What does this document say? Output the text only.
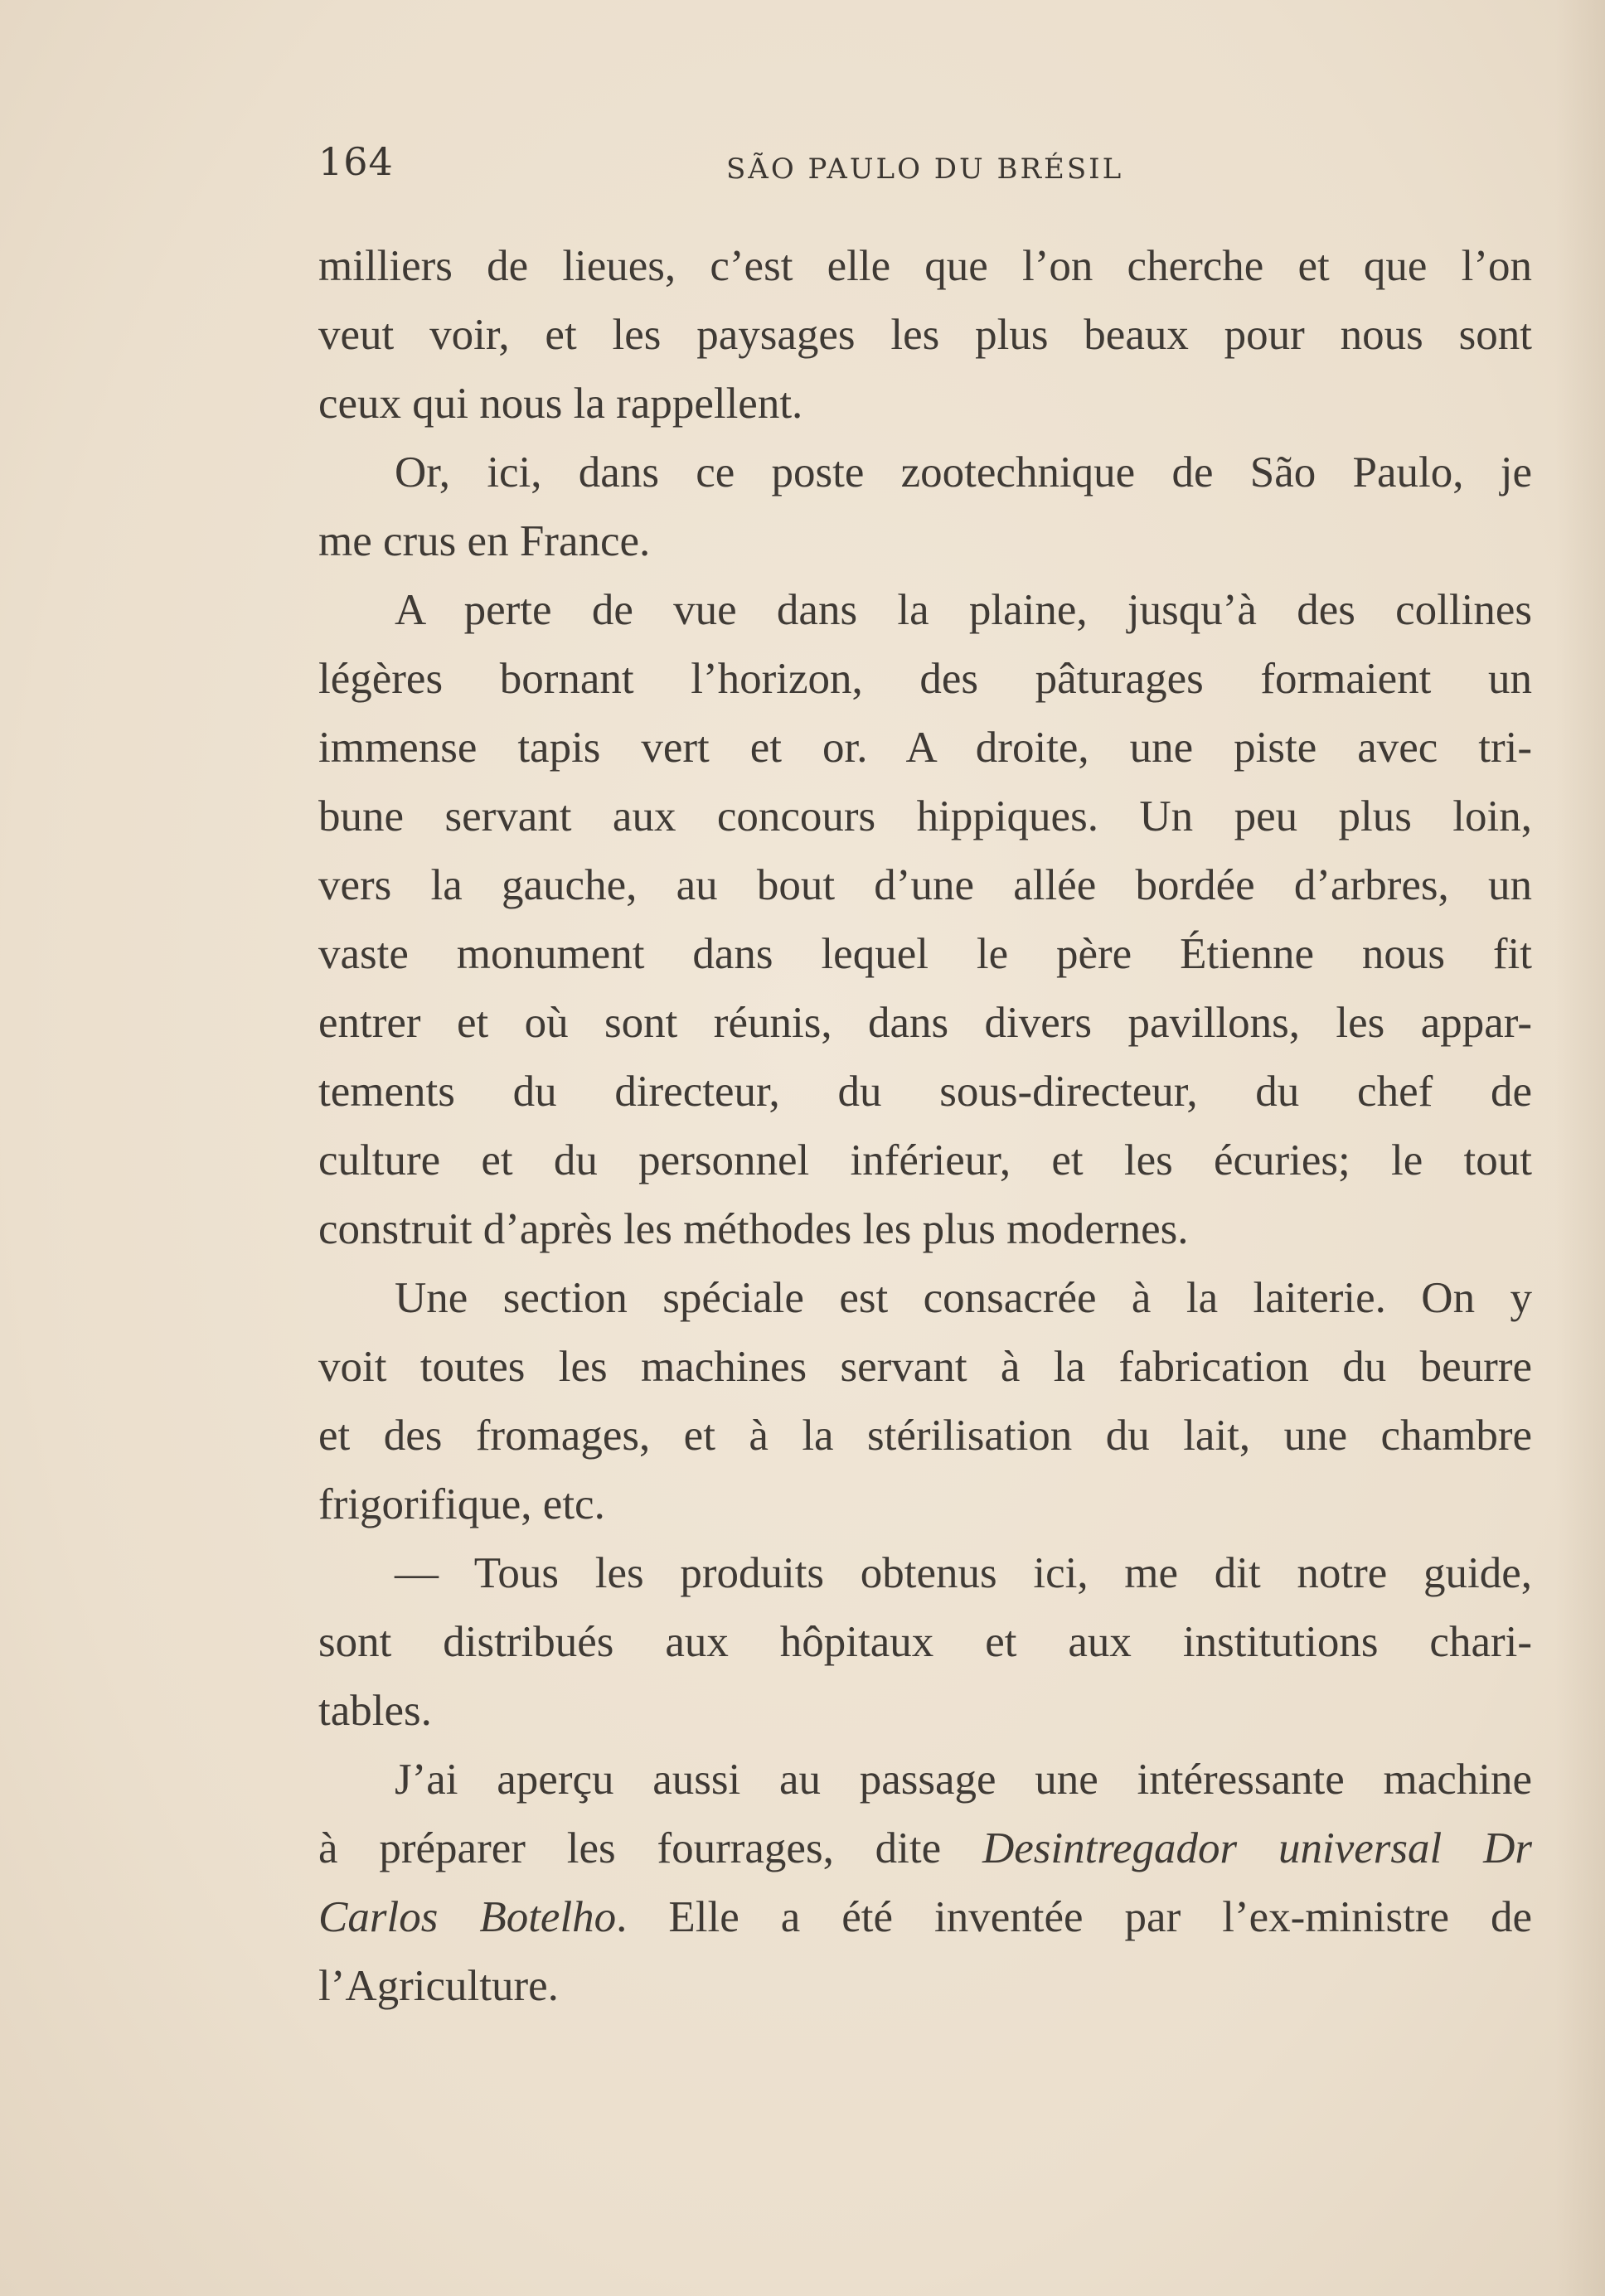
164	SÃO PAULO DU BRÉSIL
milliers de lieues, c’est elle que l’on cherche et que l’on
veut voir, et les paysages les plus beaux pour nous sont
ceux qui nous la rappellent.
Or, ici, dans ce poste zootechnique de São Paulo, je
me crus en France.
A perte de vue dans la plaine, jusqu’à des collines
légères bornant l’horizon, des pâturages formaient un
immense tapis vert et or. A droite, une piste avec tri-
bune servant aux concours hippiques. Un peu plus loin,
vers la gauche, au bout d’une allée bordée d’arbres, un
vaste monument dans lequel le père Étienne nous fit
entrer et où sont réunis, dans divers pavillons, les appar-
tements du directeur, du sous-directeur, du chef de
culture et du personnel inférieur, et les écuries; le tout
construit d’après les méthodes les plus modernes.
Une section spéciale est consacrée à la laiterie. On y
voit toutes les machines servant à la fabrication du beurre
et des fromages, et à la stérilisation du lait, une chambre
frigorifique, etc.
— Tous les produits obtenus ici, me dit notre guide,
sont distribués aux hôpitaux et aux institutions chari-
tables.
J’ai aperçu aussi au passage une intéressante machine
à préparer les fourrages, dite Desintregador universal Dr
Carlos Botelho. Elle a été inventée par l’ex-ministre de
l’Agriculture.
